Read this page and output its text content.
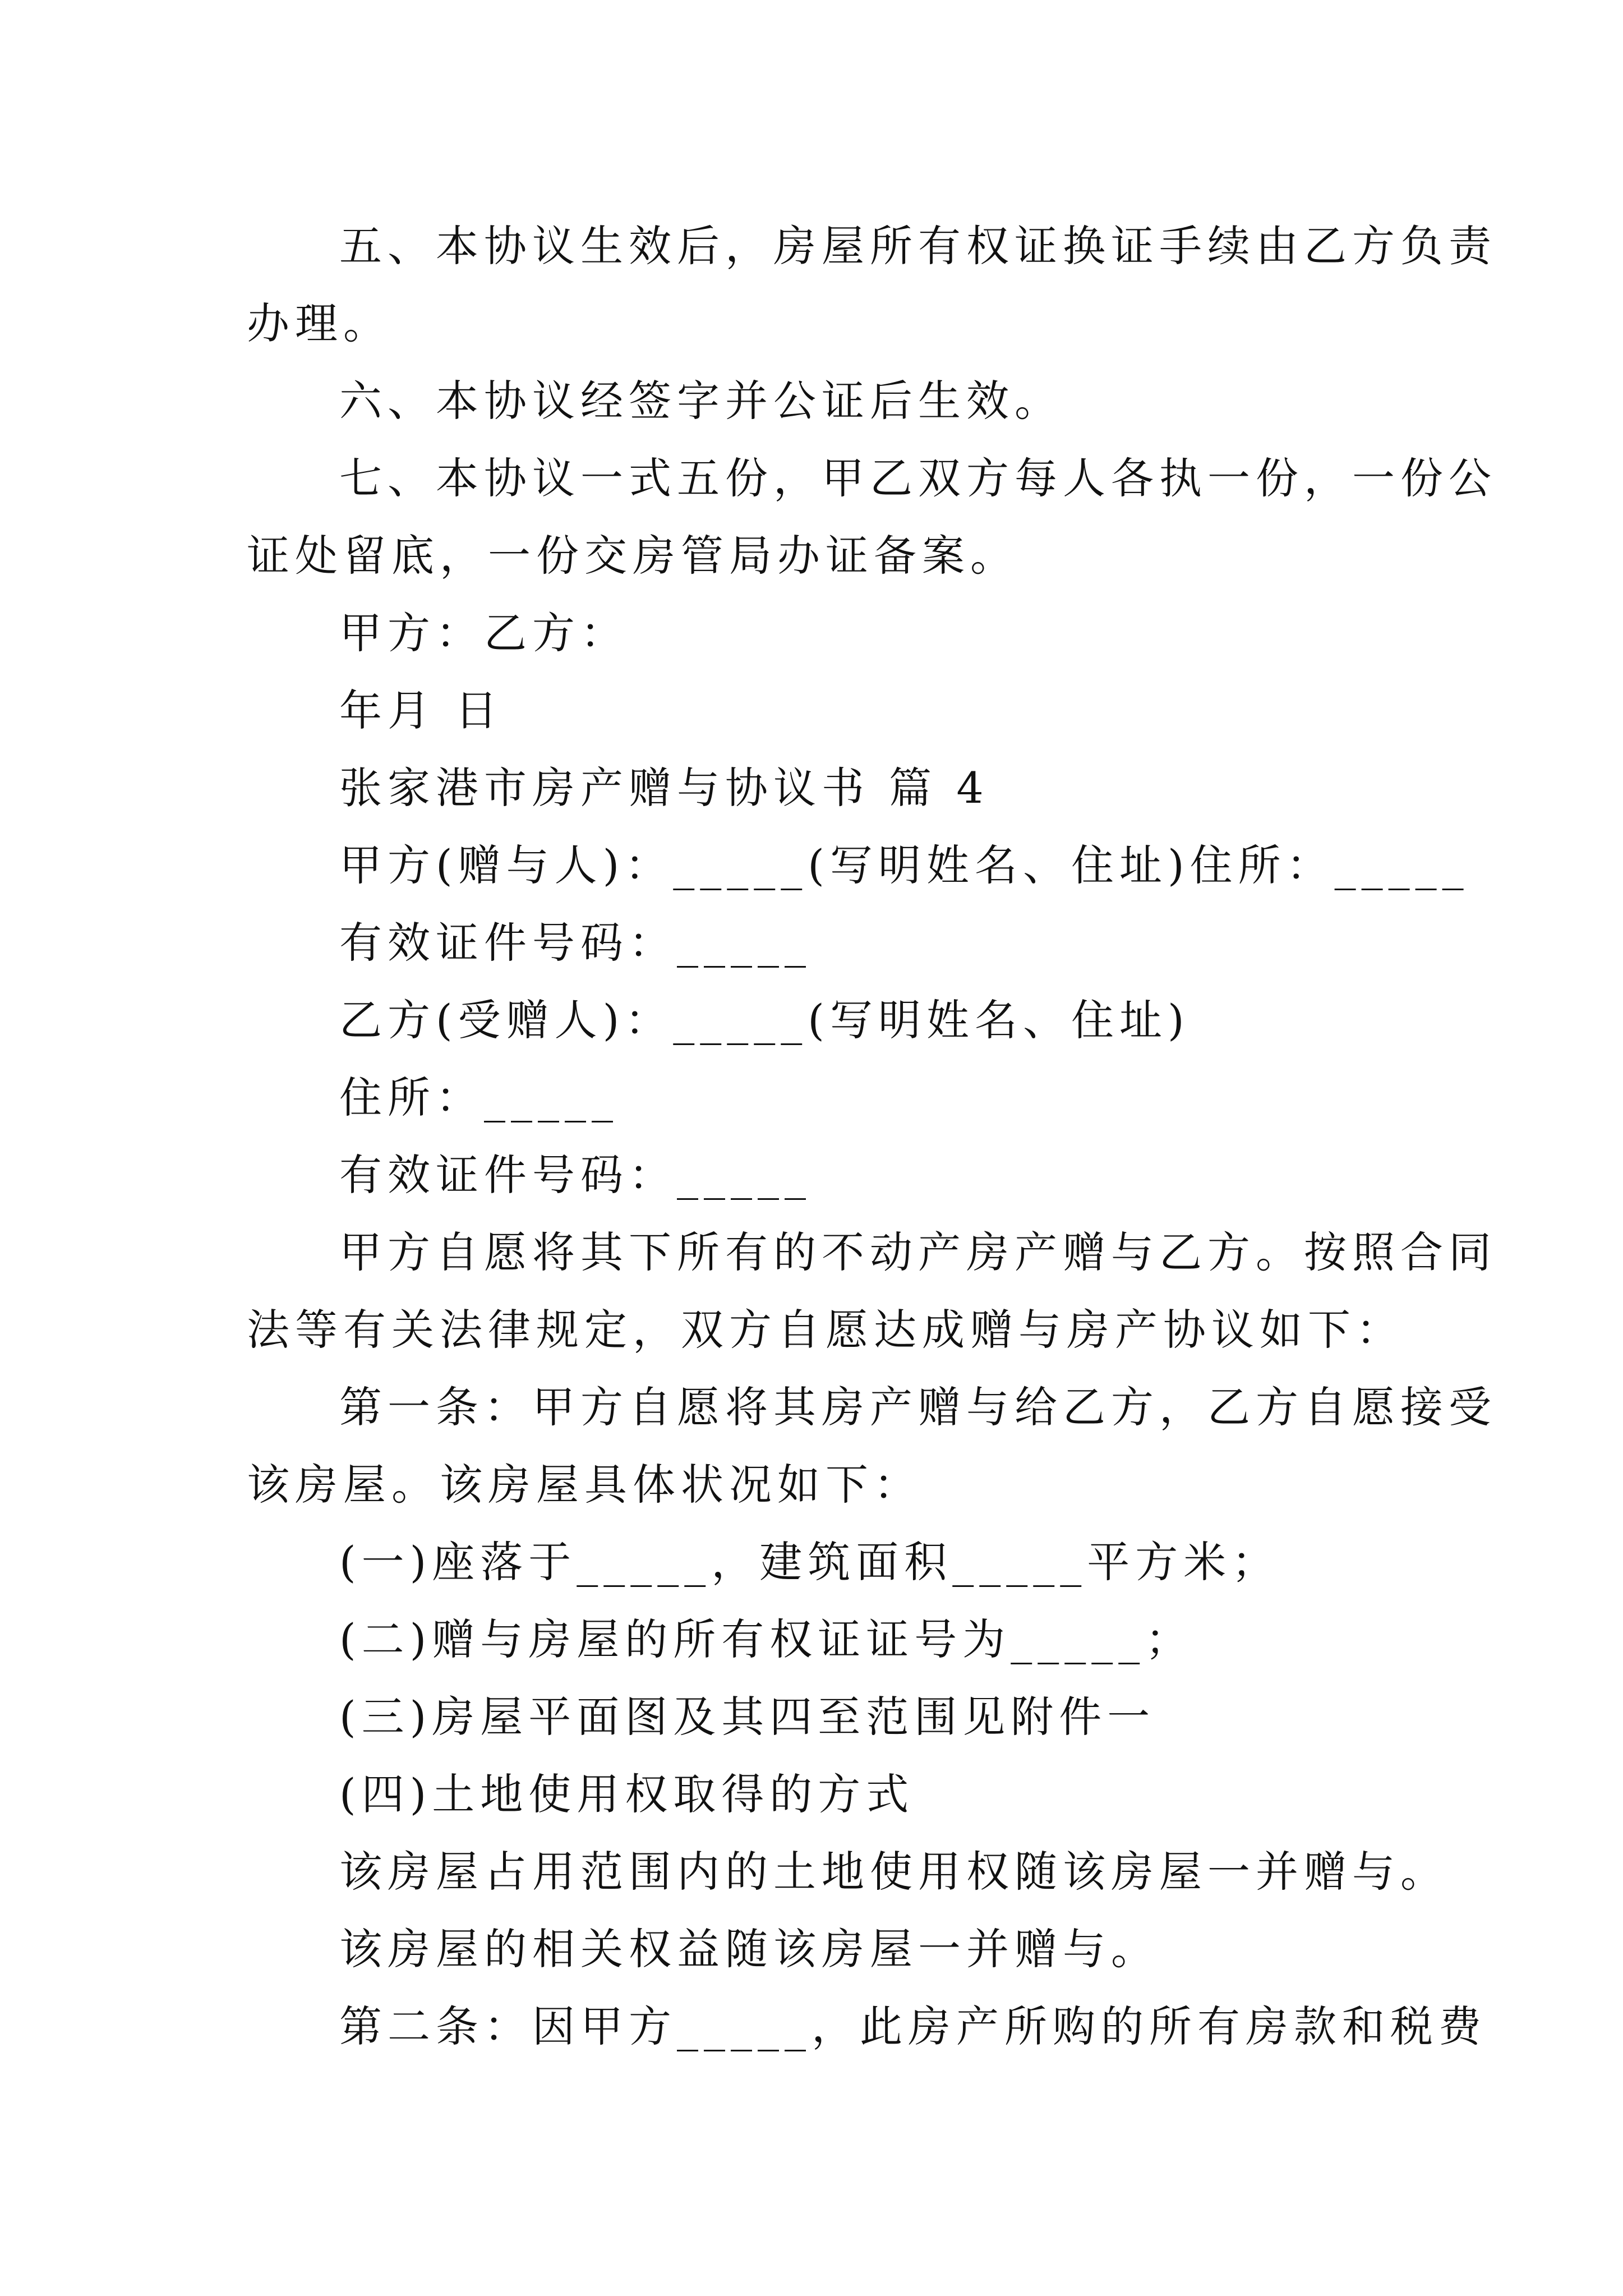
五、本协议生效后，房屋所有权证换证手续由乙方负责
办理。
六、本协议经签字并公证后生效。
七、本协议一式五份，甲乙双方每人各执一份，一份公
证处留底，一份交房管局办证备案。
甲方：乙方：
年月 日
张家港市房产赠与协议书 篇 4
甲方(赠与人)：_____(写明姓名、住址)住所：_____
有效证件号码：_____
乙方(受赠人)：_____(写明姓名、住址)
住所：_____
有效证件号码：_____
甲方自愿将其下所有的不动产房产赠与乙方。按照合同
法等有关法律规定，双方自愿达成赠与房产协议如下：
第一条：甲方自愿将其房产赠与给乙方，乙方自愿接受
该房屋。该房屋具体状况如下：
(一)座落于_____，建筑面积_____平方米；
(二)赠与房屋的所有权证证号为_____；
(三)房屋平面图及其四至范围见附件一
(四)土地使用权取得的方式
该房屋占用范围内的土地使用权随该房屋一并赠与。
该房屋的相关权益随该房屋一并赠与。
第二条：因甲方_____，此房产所购的所有房款和税费
